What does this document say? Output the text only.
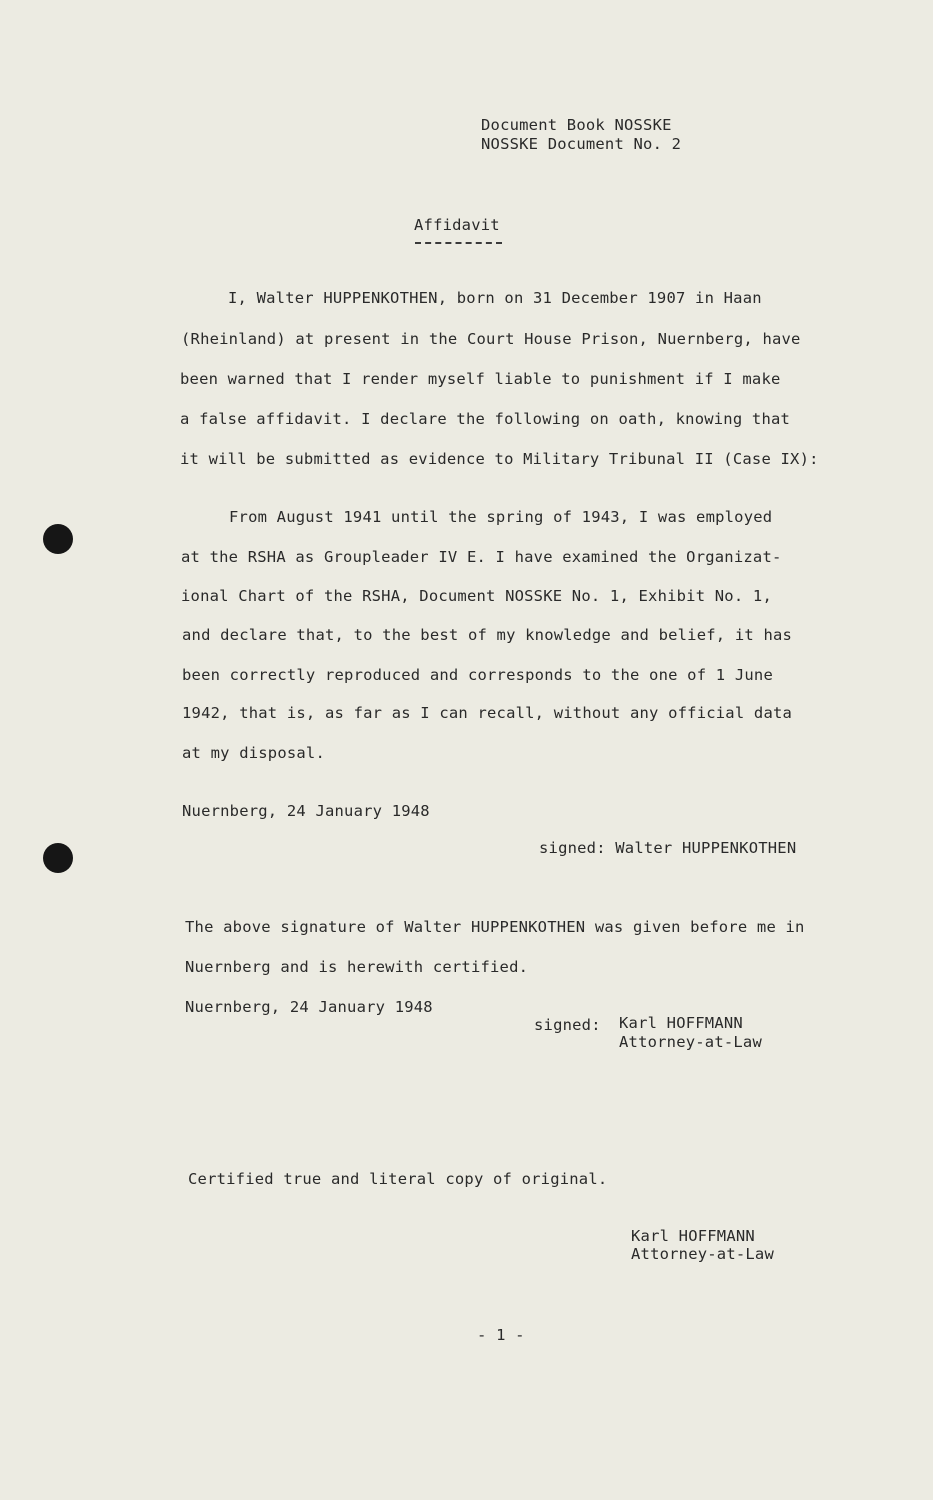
Document Book NOSSKE
NOSSKE Document No. 2
Affidavit
I, Walter HUPPENKOTHEN, born on 31 December 1907 in Haan
(Rheinland) at present in the Court House Prison, Nuernberg, have
been warned that I render myself liable to punishment if I make
a false affidavit. I declare the following on oath, knowing that
it will be submitted as evidence to Military Tribunal II (Case IX):
From August 1941 until the spring of 1943, I was employed
at the RSHA as Groupleader IV E. I have examined the Organizat-
ional Chart of the RSHA, Document NOSSKE No. 1, Exhibit No. 1,
and declare that, to the best of my knowledge and belief, it has
been correctly reproduced and corresponds to the one of 1 June
1942, that is, as far as I can recall, without any official data
at my disposal.
Nuernberg, 24 January 1948
signed: Walter HUPPENKOTHEN
The above signature of Walter HUPPENKOTHEN was given before me in
Nuernberg and is herewith certified.
Nuernberg, 24 January 1948
signed: Karl HOFFMANN
Attorney-at-Law
Certified true and literal copy of original.
Karl HOFFMANN
Attorney-at-Law
- 1 -
